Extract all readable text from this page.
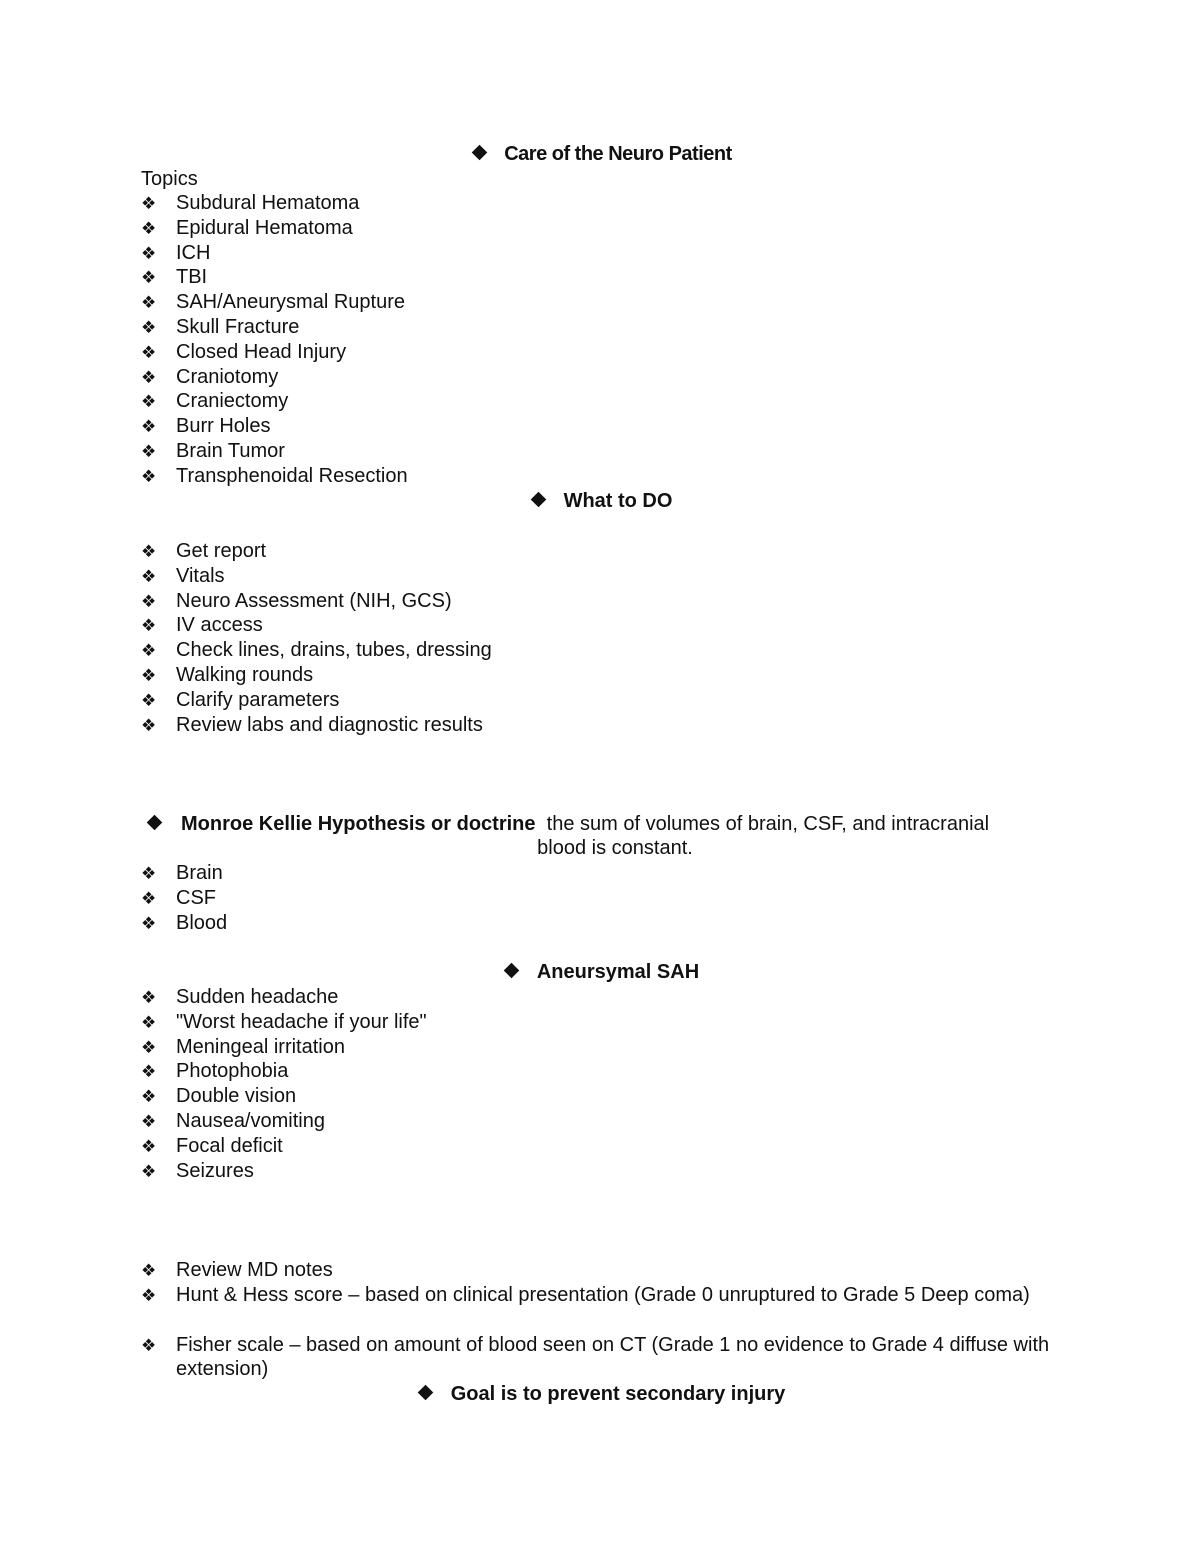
Care of the Neuro Patient
Topics
❖ Subdural Hematoma
❖ Epidural Hematoma
❖ ICH
❖ TBI
❖ SAH/Aneurysmal Rupture
❖ Skull Fracture
❖ Closed Head Injury
❖ Craniotomy
❖ Craniectomy
❖ Burr Holes
❖ Brain Tumor
❖ Transphenoidal Resection
What to DO
❖ Get report
❖ Vitals
❖ Neuro Assessment (NIH, GCS)
❖ IV access
❖ Check lines, drains, tubes, dressing
❖ Walking rounds
❖ Clarify parameters
❖ Review labs and diagnostic results
Monroe Kellie Hypothesis or doctrine the sum of volumes of brain, CSF, and intracranial
blood is constant.
❖ Brain
❖ CSF
❖ Blood
Aneursymal SAH
❖ Sudden headache
❖ "Worst headache if your life"
❖ Meningeal irritation
❖ Photophobia
❖ Double vision
❖ Nausea/vomiting
❖ Focal deficit
❖ Seizures
❖ Review MD notes
❖ Hunt & Hess score – based on clinical presentation (Grade 0 unruptured to Grade 5 Deep coma)
❖ Fisher scale – based on amount of blood seen on CT (Grade 1 no evidence to Grade 4 diffuse with extension)
Goal is to prevent secondary injury
